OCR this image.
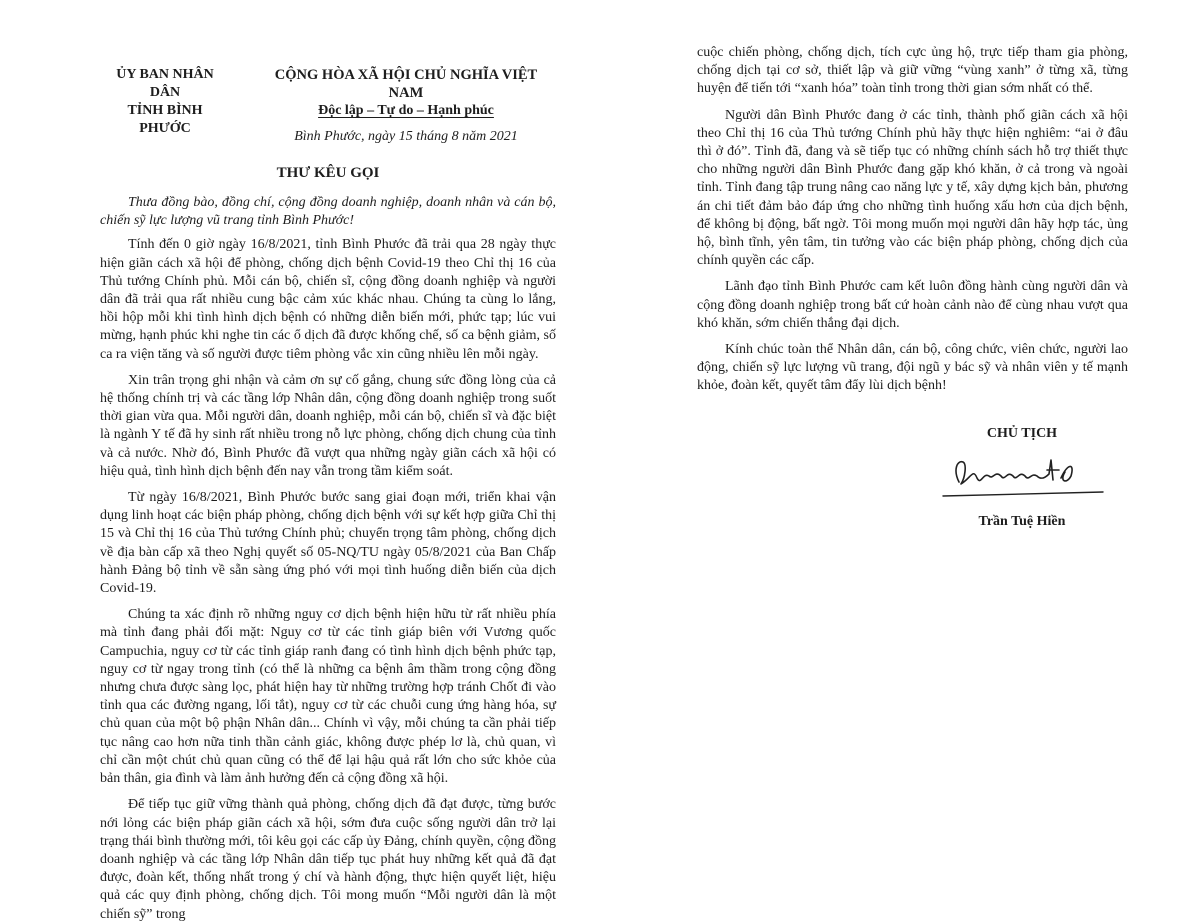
ỦY BAN NHÂN DÂN
TỈNH BÌNH PHƯỚC
CỘNG HÒA XÃ HỘI CHỦ NGHĨA VIỆT NAM
Độc lập – Tự do – Hạnh phúc
Bình Phước, ngày 15 tháng 8 năm 2021
THƯ KÊU GỌI
Thưa đồng bào, đồng chí, cộng đồng doanh nghiệp, doanh nhân và cán bộ, chiến sỹ lực lượng vũ trang tỉnh Bình Phước!

Tính đến 0 giờ ngày 16/8/2021, tỉnh Bình Phước đã trải qua 28 ngày thực hiện giãn cách xã hội để phòng, chống dịch bệnh Covid-19 theo Chỉ thị 16 của Thủ tướng Chính phủ. Mỗi cán bộ, chiến sĩ, cộng đồng doanh nghiệp và người dân đã trải qua rất nhiều cung bậc cảm xúc khác nhau. Chúng ta cùng lo lắng, hồi hộp mỗi khi tình hình dịch bệnh có những diễn biến mới, phức tạp; lúc vui mừng, hạnh phúc khi nghe tin các ổ dịch đã được khống chế, số ca bệnh giảm, số ca ra viện tăng và số người được tiêm phòng vắc xin cũng nhiều lên mỗi ngày.

Xin trân trọng ghi nhận và cảm ơn sự cố gắng, chung sức đồng lòng của cả hệ thống chính trị và các tầng lớp Nhân dân, cộng đồng doanh nghiệp trong suốt thời gian vừa qua. Mỗi người dân, doanh nghiệp, mỗi cán bộ, chiến sĩ và đặc biệt là ngành Y tế đã hy sinh rất nhiều trong nỗ lực phòng, chống dịch chung của tỉnh và cả nước. Nhờ đó, Bình Phước đã vượt qua những ngày giãn cách xã hội có hiệu quả, tình hình dịch bệnh đến nay vẫn trong tầm kiểm soát.

Từ ngày 16/8/2021, Bình Phước bước sang giai đoạn mới, triển khai vận dụng linh hoạt các biện pháp phòng, chống dịch bệnh với sự kết hợp giữa Chỉ thị 15 và Chỉ thị 16 của Thủ tướng Chính phủ; chuyển trọng tâm phòng, chống dịch về địa bàn cấp xã theo Nghị quyết số 05-NQ/TU ngày 05/8/2021 của Ban Chấp hành Đảng bộ tỉnh về sẵn sàng ứng phó với mọi tình huống diễn biến của dịch Covid-19.

Chúng ta xác định rõ những nguy cơ dịch bệnh hiện hữu từ rất nhiều phía mà tỉnh đang phải đối mặt: Nguy cơ từ các tỉnh giáp biên với Vương quốc Campuchia, nguy cơ từ các tỉnh giáp ranh đang có tình hình dịch bệnh phức tạp, nguy cơ từ ngay trong tỉnh (có thể là những ca bệnh âm thầm trong cộng đồng nhưng chưa được sàng lọc, phát hiện hay từ những trường hợp tránh Chốt đi vào tỉnh qua các đường ngang, lối tắt), nguy cơ từ các chuỗi cung ứng hàng hóa, sự chủ quan của một bộ phận Nhân dân... Chính vì vậy, mỗi chúng ta cần phải tiếp tục nâng cao hơn nữa tinh thần cảnh giác, không được phép lơ là, chủ quan, vì chỉ cần một chút chủ quan cũng có thể để lại hậu quả rất lớn cho sức khỏe của bản thân, gia đình và làm ảnh hưởng đến cả cộng đồng xã hội.

Để tiếp tục giữ vững thành quả phòng, chống dịch đã đạt được, từng bước nới lỏng các biện pháp giãn cách xã hội, sớm đưa cuộc sống người dân trở lại trạng thái bình thường mới, tôi kêu gọi các cấp ủy Đảng, chính quyền, cộng đồng doanh nghiệp và các tầng lớp Nhân dân tiếp tục phát huy những kết quả đã đạt được, đoàn kết, thống nhất trong ý chí và hành động, thực hiện quyết liệt, hiệu quả các quy định phòng, chống dịch. Tôi mong muốn “Mỗi người dân là một chiến sỹ” trong

cuộc chiến phòng, chống dịch, tích cực ủng hộ, trực tiếp tham gia phòng, chống dịch tại cơ sở, thiết lập và giữ vững “vùng xanh” ở từng xã, từng huyện để tiến tới “xanh hóa” toàn tỉnh trong thời gian sớm nhất có thể.

Người dân Bình Phước đang ở các tỉnh, thành phố giãn cách xã hội theo Chỉ thị 16 của Thủ tướng Chính phủ hãy thực hiện nghiêm: “ai ở đâu thì ở đó”. Tỉnh đã, đang và sẽ tiếp tục có những chính sách hỗ trợ thiết thực cho những người dân Bình Phước đang gặp khó khăn, ở cả trong và ngoài tỉnh. Tỉnh đang tập trung nâng cao năng lực y tế, xây dựng kịch bản, phương án chi tiết đảm bảo đáp ứng cho những tình huống xấu hơn của dịch bệnh, để không bị động, bất ngờ. Tôi mong muốn mọi người dân hãy hợp tác, ủng hộ, bình tĩnh, yên tâm, tin tưởng vào các biện pháp phòng, chống dịch của chính quyền các cấp.

Lãnh đạo tỉnh Bình Phước cam kết luôn đồng hành cùng người dân và cộng đồng doanh nghiệp trong bất cứ hoàn cảnh nào để cùng nhau vượt qua khó khăn, sớm chiến thắng đại dịch.

Kính chúc toàn thể Nhân dân, cán bộ, công chức, viên chức, người lao động, chiến sỹ lực lượng vũ trang, đội ngũ y bác sỹ và nhân viên y tế mạnh khỏe, đoàn kết, quyết tâm đẩy lùi dịch bệnh!

CHỦ TỊCH
Trần Tuệ Hiền
